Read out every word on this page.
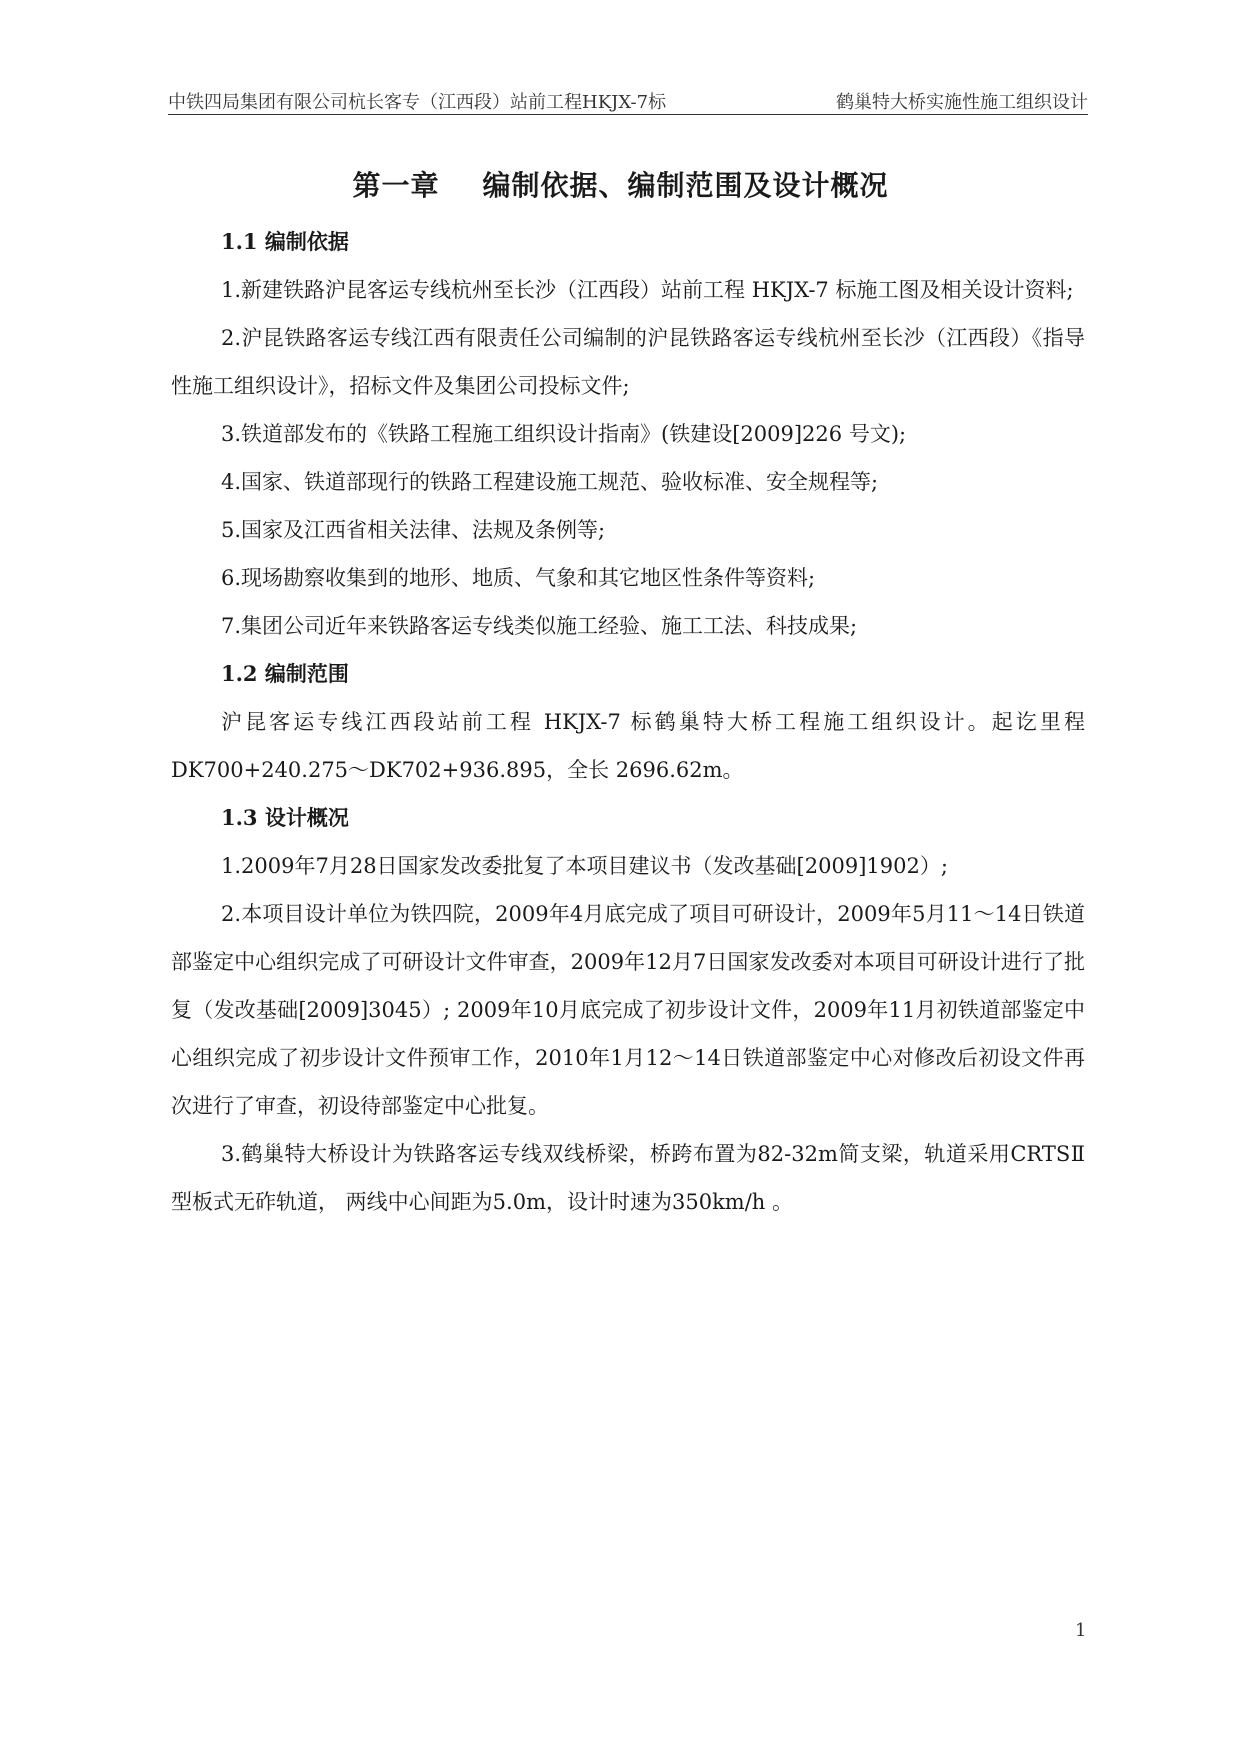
中铁四局集团有限公司杭长客专（江西段）站前工程HKJX-7标	鹤巢特大桥实施性施工组织设计
第一章    编制依据、编制范围及设计概况
1.1 编制依据

1.新建铁路沪昆客运专线杭州至长沙（江西段）站前工程 HKJX-7 标施工图及相关设计资料;

2.沪昆铁路客运专线江西有限责任公司编制的沪昆铁路客运专线杭州至长沙（江西段）《指导性施工组织设计》，招标文件及集团公司投标文件;

3.铁道部发布的《铁路工程施工组织设计指南》(铁建设[2009]226 号文);

4.国家、铁道部现行的铁路工程建设施工规范、验收标准、安全规程等;

5.国家及江西省相关法律、法规及条例等;

6.现场勘察收集到的地形、地质、气象和其它地区性条件等资料;

7.集团公司近年来铁路客运专线类似施工经验、施工工法、科技成果;

1.2 编制范围

沪昆客运专线江西段站前工程 HKJX-7 标鹤巢特大桥工程施工组织设计。起讫里程 DK700+240.275～DK702+936.895，全长 2696.62m。

1.3 设计概况

1.2009年7月28日国家发改委批复了本项目建议书（发改基础[2009]1902）;

2.本项目设计单位为铁四院，2009年4月底完成了项目可研设计，2009年5月11～14日铁道部鉴定中心组织完成了可研设计文件审查，2009年12月7日国家发改委对本项目可研设计进行了批复（发改基础[2009]3045）; 2009年10月底完成了初步设计文件，2009年11月初铁道部鉴定中心组织完成了初步设计文件预审工作，2010年1月12～14日铁道部鉴定中心对修改后初设文件再次进行了审查，初设待部鉴定中心批复。

3.鹤巢特大桥设计为铁路客运专线双线桥梁，桥跨布置为82-32m简支梁，轨道采用CRTSⅡ型板式无砟轨道， 两线中心间距为5.0m，设计时速为350km/h 。

1
